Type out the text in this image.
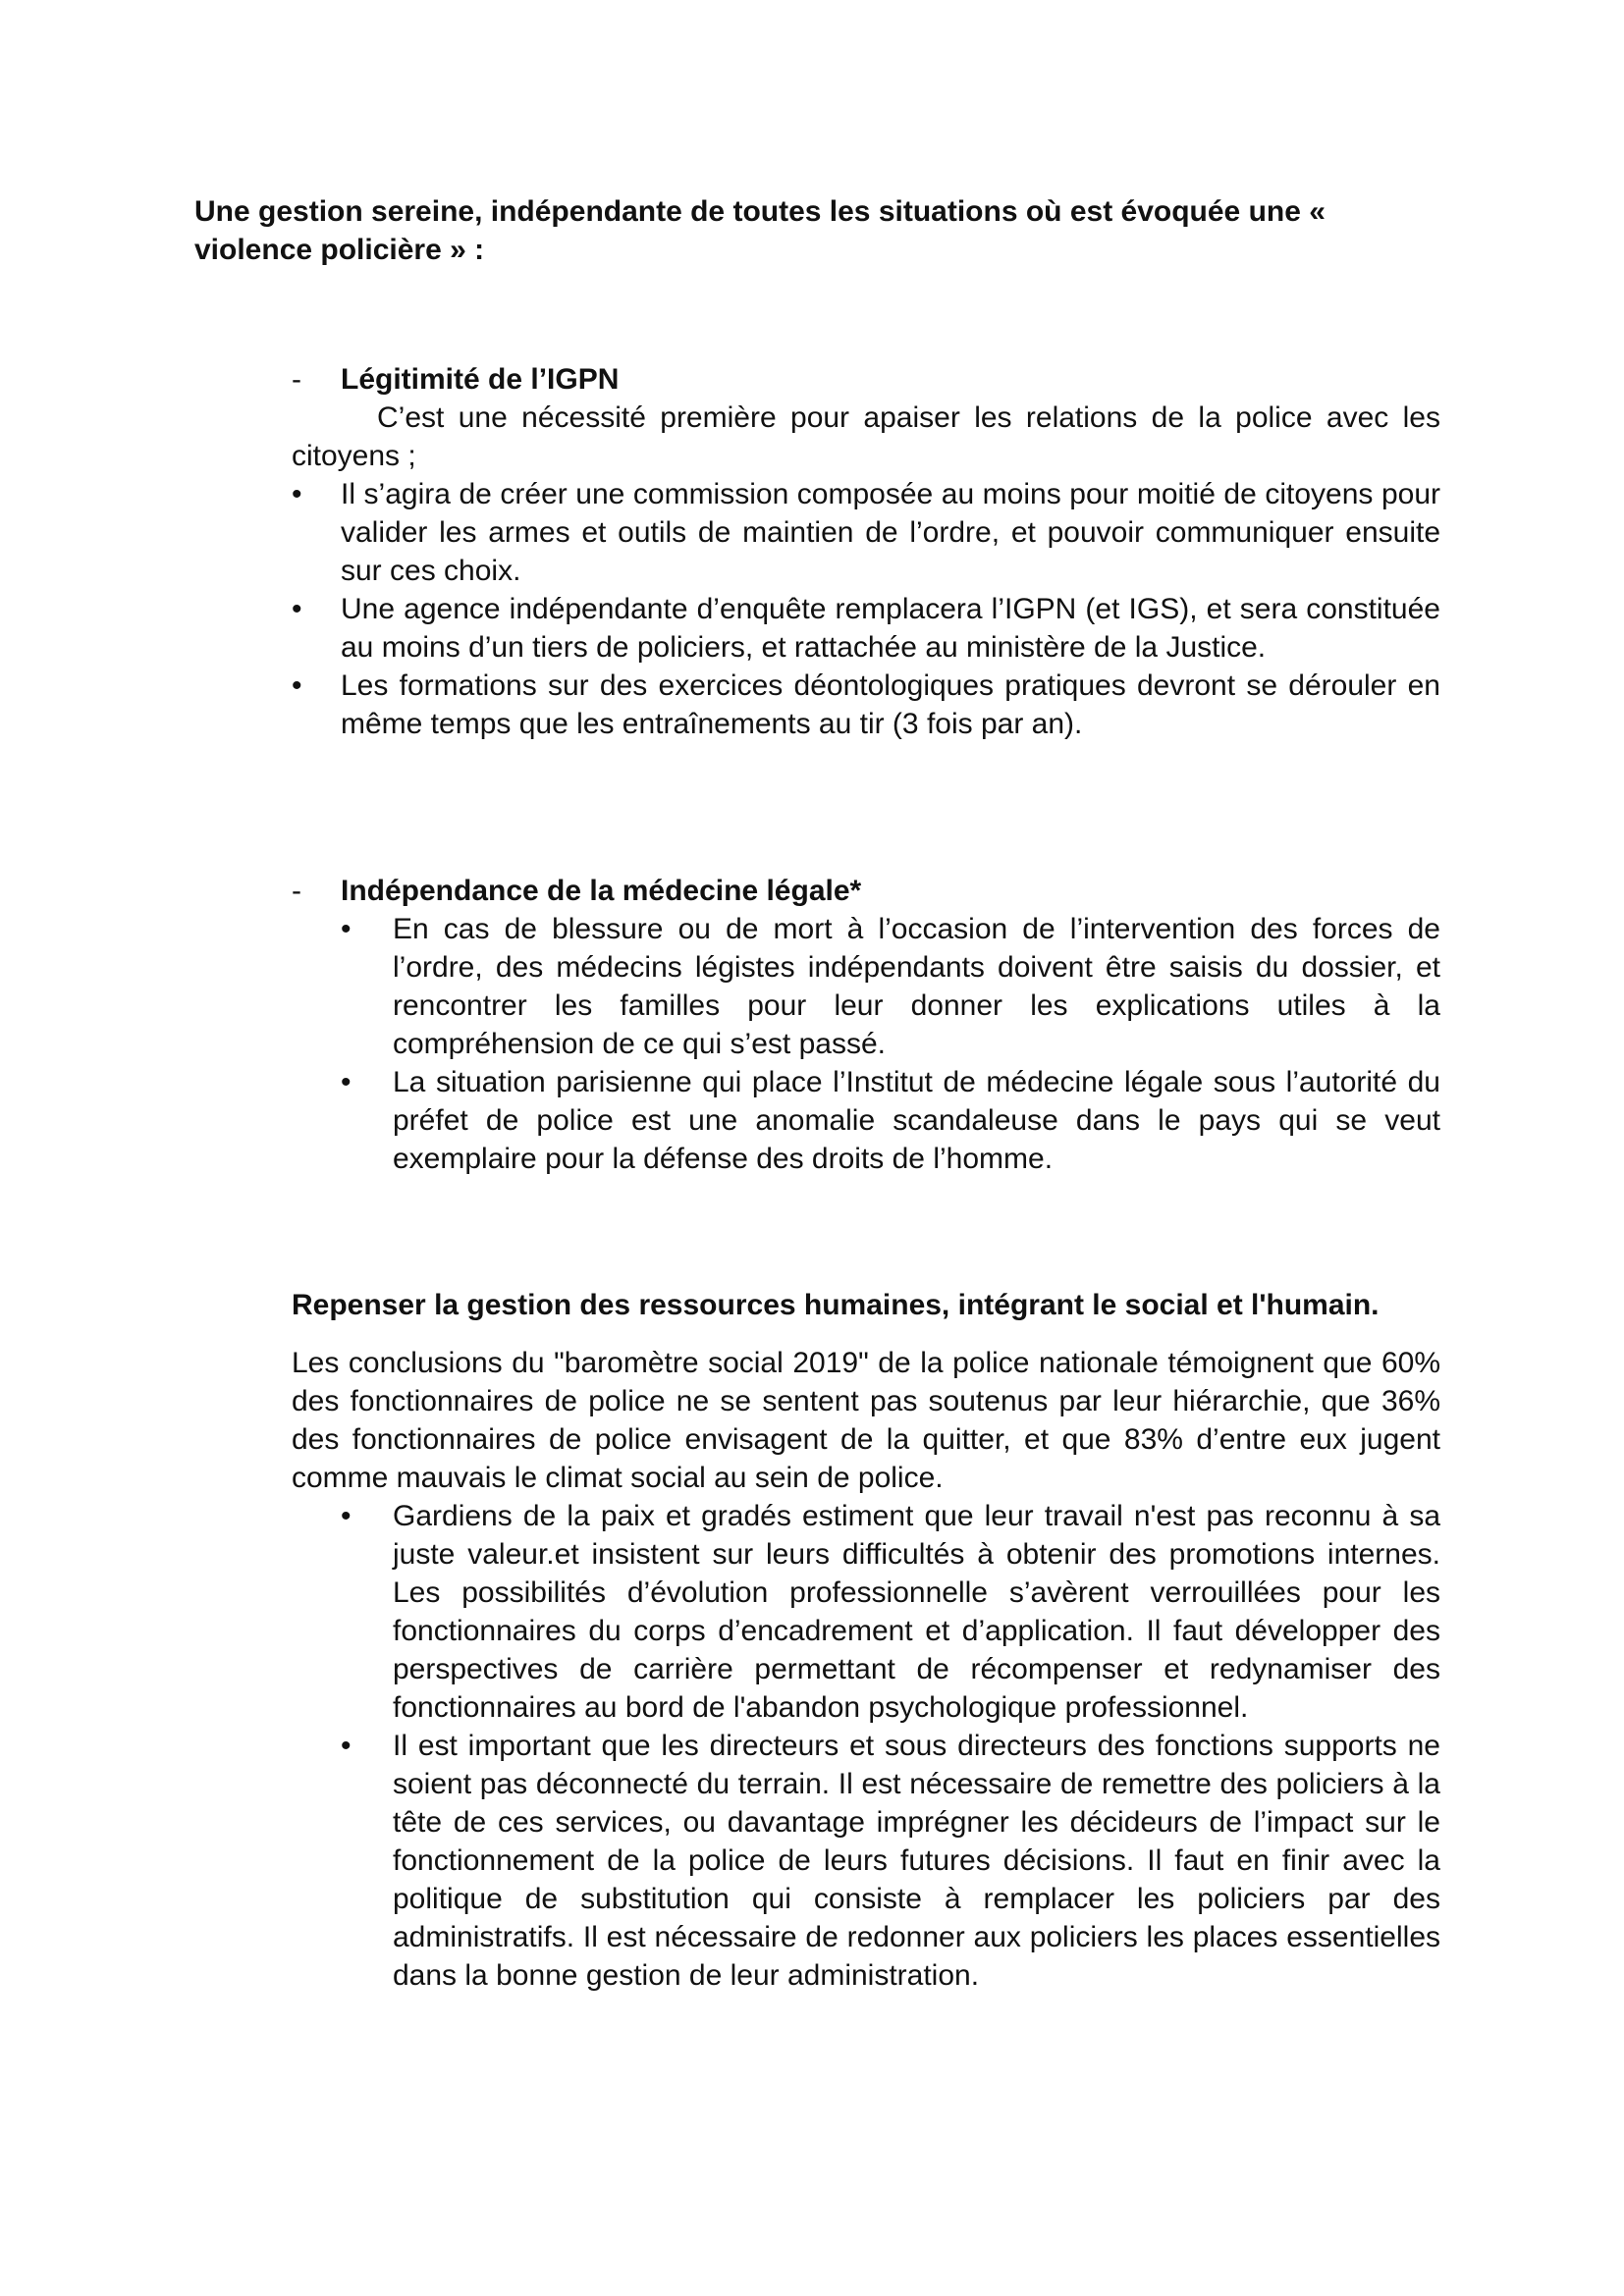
Une gestion sereine, indépendante de toutes les situations où est évoquée une « violence policière » :
- Légitimité de l’IGPN
C’est une nécessité première pour apaiser les relations de la police avec les citoyens ;
• Il s’agira de créer une commission composée au moins pour moitié de citoyens pour valider les armes et outils de maintien de l’ordre, et pouvoir communiquer ensuite sur ces choix.
• Une agence indépendante d’enquête remplacera l’IGPN (et IGS), et sera constituée au moins d’un tiers de policiers, et rattachée au ministère de la Justice.
• Les formations sur des exercices déontologiques pratiques devront se dérouler en même temps que les entraînements au tir (3 fois par an).
- Indépendance de la médecine légale*
• En cas de blessure ou de mort à l’occasion de l’intervention des forces de l’ordre, des médecins légistes indépendants doivent être saisis du dossier, et rencontrer les familles pour leur donner les explications utiles à la compréhension de ce qui s’est passé.
• La situation parisienne qui place l’Institut de médecine légale sous l’autorité du préfet de police est une anomalie scandaleuse dans le pays qui se veut exemplaire pour la défense des droits de l’homme.
Repenser la gestion des ressources humaines, intégrant le social et l'humain.
Les conclusions du "baromètre social 2019" de la police nationale témoignent que 60% des fonctionnaires de police ne se sentent pas soutenus par leur hiérarchie, que 36% des fonctionnaires de police envisagent de la quitter, et que 83% d’entre eux jugent comme mauvais le climat social au sein de police.
• Gardiens de la paix et gradés estiment que leur travail n'est pas reconnu à sa juste valeur.et insistent sur leurs difficultés à obtenir des promotions internes. Les possibilités d’évolution professionnelle s’avèrent verrouillées pour les fonctionnaires du corps d’encadrement et d’application. Il faut développer des perspectives de carrière permettant de récompenser et redynamiser des fonctionnaires au bord de l'abandon psychologique professionnel.
• Il est important que les directeurs et sous directeurs des fonctions supports ne soient pas déconnecté du terrain. Il est nécessaire de remettre des policiers à la tête de ces services, ou davantage imprégner les décideurs de l’impact sur le fonctionnement de la police de leurs futures décisions. Il faut en finir avec la politique de substitution qui consiste à remplacer les policiers par des administratifs. Il est nécessaire de redonner aux policiers les places essentielles dans la bonne gestion de leur administration.
